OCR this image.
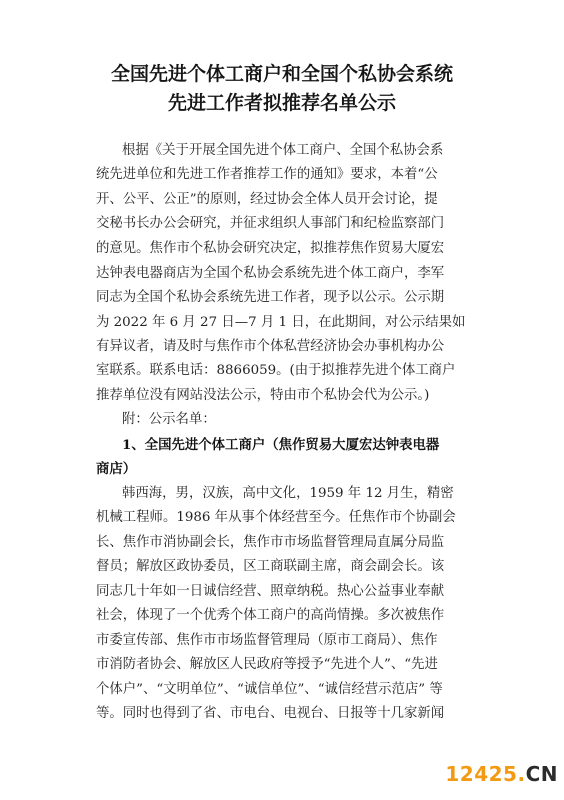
全国先进个体工商户和全国个私协会系统
先进工作者拟推荐名单公示
根据《关于开展全国先进个体工商户、全国个私协会系
统先进单位和先进工作者推荐工作的通知》要求，本着“公
开、公平、公正”的原则，经过协会全体人员开会讨论，提
交秘书长办公会研究，并征求组织人事部门和纪检监察部门
的意见。焦作市个私协会研究决定，拟推荐焦作贸易大厦宏
达钟表电器商店为全国个私协会系统先进个体工商户，李军
同志为全国个私协会系统先进工作者，现予以公示。公示期
为 2022 年 6 月 27 日—7 月 1 日，在此期间，对公示结果如
有异议者，请及时与焦作市个体私营经济协会办事机构办公
室联系。联系电话：8866059。(由于拟推荐先进个体工商户
推荐单位没有网站没法公示，特由市个私协会代为公示。)
附：公示名单：
1、全国先进个体工商户（焦作贸易大厦宏达钟表电器
商店）
韩西海，男，汉族，高中文化，1959 年 12 月生，精密
机械工程师。1986 年从事个体经营至今。任焦作市个协副会
长、焦作市消协副会长，焦作市市场监督管理局直属分局监
督员；解放区政协委员，区工商联副主席，商会副会长。该
同志几十年如一日诚信经营、照章纳税。热心公益事业奉献
社会，体现了一个优秀个体工商户的高尚情操。多次被焦作
市委宣传部、焦作市市场监督管理局（原市工商局）、焦作
市消防者协会、解放区人民政府等授予“先进个人”、“先进
个体户”、“文明单位”、“诚信单位”、“诚信经营示范店” 等
等。同时也得到了省、市电台、电视台、日报等十几家新闻
12425.CN
